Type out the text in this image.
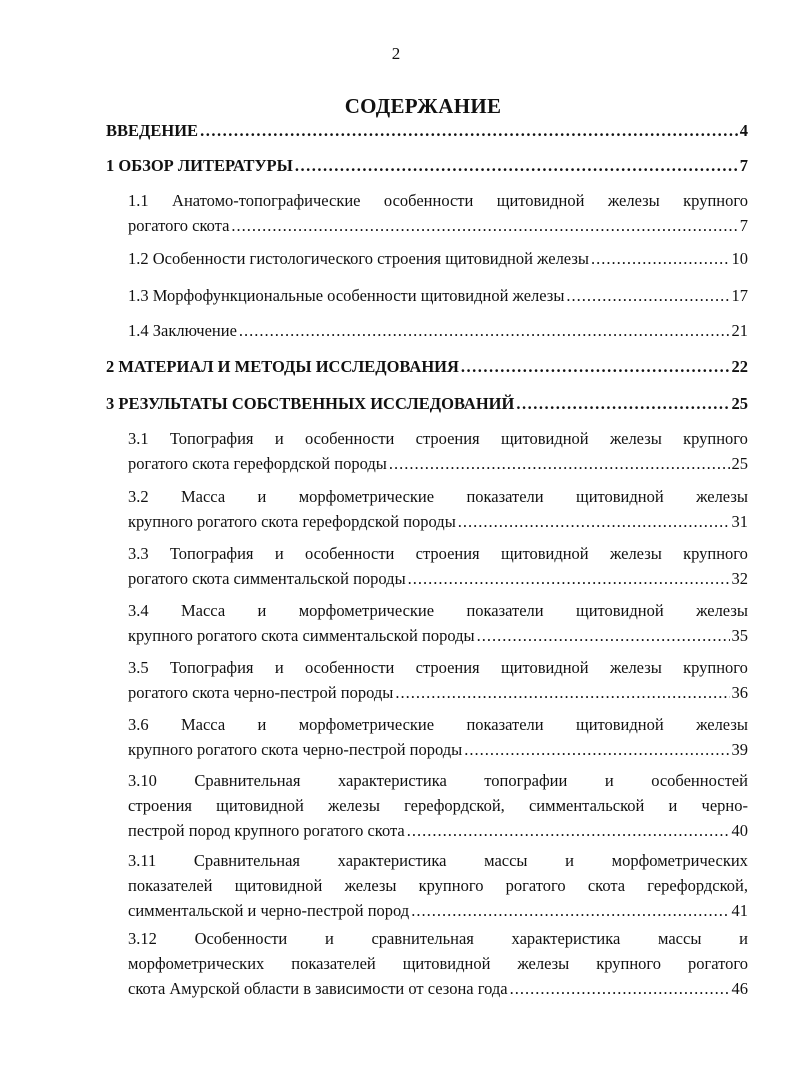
2
СОДЕРЖАНИЕ
ВВЕДЕНИЕ .....	4
1 ОБЗОР ЛИТЕРАТУРЫ .....	7
1.1 Анатомо-топографические особенности щитовидной железы крупного
рогатого скота .....	7
1.2 Особенности гистологического строения щитовидной железы .....	10
1.3 Морфофункциональные особенности щитовидной железы .....	17
1.4 Заключение .....	21
2 МАТЕРИАЛ И МЕТОДЫ ИССЛЕДОВАНИЯ .....	22
3 РЕЗУЛЬТАТЫ СОБСТВЕННЫХ ИССЛЕДОВАНИЙ .....	25
3.1 Топография и особенности строения щитовидной железы крупного
рогатого скота герефордской породы .....	25
3.2 Масса и морфометрические показатели щитовидной железы
крупного рогатого скота герефордской породы .....	31
3.3 Топография и особенности строения щитовидной железы крупного
рогатого скота симментальской породы .....	32
3.4 Масса и морфометрические показатели щитовидной железы
крупного рогатого скота симментальской породы .....	35
3.5 Топография и особенности строения щитовидной железы крупного
рогатого скота черно-пестрой породы .....	36
3.6 Масса и морфометрические показатели щитовидной железы
крупного рогатого скота черно-пестрой породы .....	39
3.10 Сравнительная характеристика топографии и особенностей
строения щитовидной железы герефордской, симментальской и черно-
пестрой пород крупного рогатого скота .....	40
3.11 Сравнительная характеристика массы и морфометрических
показателей щитовидной железы крупного рогатого скота герефордской,
симментальской и черно-пестрой пород .....	41
3.12 Особенности и сравнительная характеристика массы и
морфометрических показателей щитовидной железы крупного рогатого
скота Амурской области в зависимости от сезона года .....	46
